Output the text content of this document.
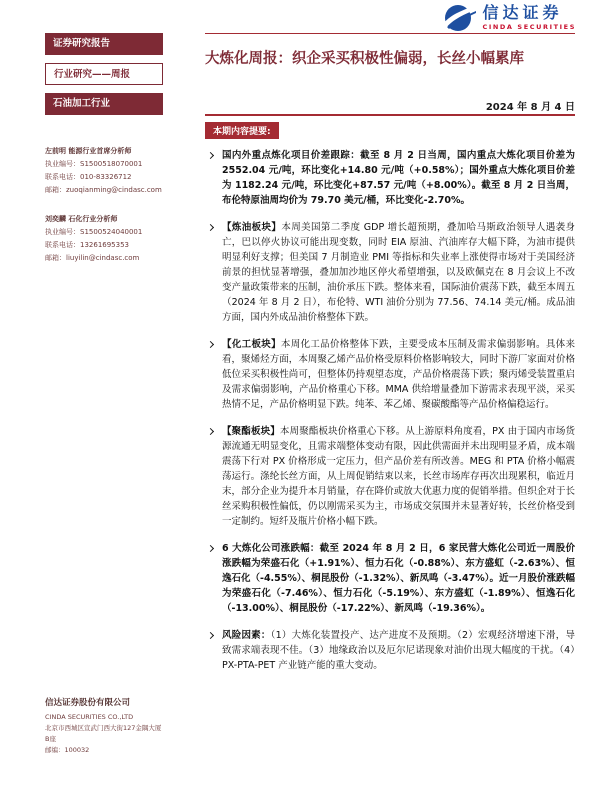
信达证券
CINDA SECURITIES
证券研究报告
行业研究——周报
石油加工行业
左前明 能源行业首席分析师
执业编号：S1500518070001
联系电话：010-83326712
邮箱：zuoqianming@cindasc.com
刘奕麟 石化行业分析师
执业编号：S1500524040001
联系电话：13261695353
邮箱：liuyilin@cindasc.com
信达证券股份有限公司
CINDA SECURITIES CO.,LTD
北京市西城区宣武门西大街127金隅大厦B座
邮编：100032
大炼化周报：织企采买积极性偏弱，长丝小幅累库
2024 年 8 月 4 日
本期内容提要:
国内外重点炼化项目价差跟踪：截至 8 月 2 日当周，国内重点大炼化项目价差为 2552.04 元/吨，环比变化+14.80 元/吨（+0.58%）；国外重点大炼化项目价差为 1182.24 元/吨，环比变化+87.57 元/吨（+8.00%）。截至 8 月 2 日当周，布伦特原油周均价为 79.70 美元/桶，环比变化-2.70%。
【炼油板块】本周美国第二季度 GDP 增长超预期，叠加哈马斯政治领导人遇袭身亡，巴以停火协议可能出现变数，同时 EIA 原油、汽油库存大幅下降，为油市提供明显利好支撑；但美国 7 月制造业 PMI 等指标和失业率上涨使得市场对于美国经济前景的担忧显著增强，叠加加沙地区停火希望增强，以及欧佩克在 8 月会议上不改变产量政策带来的压制，油价承压下跌。整体来看，国际油价震荡下跌，截至本周五（2024 年 8 月 2 日），布伦特、WTI 油价分别为 77.56、74.14 美元/桶。成品油方面，国内外成品油价格整体下跌。
【化工板块】本周化工品价格整体下跌，主要受成本压制及需求偏弱影响。具体来看，聚烯烃方面，本周聚乙烯产品价格受原料价格影响较大，同时下游厂家面对价格低位采买积极性尚可，但整体仍持观望态度，产品价格震荡下跌；聚丙烯受装置重启及需求偏弱影响，产品价格重心下移。MMA 供给增量叠加下游需求表现平淡，采买热情不足，产品价格明显下跌。纯苯、苯乙烯、聚碳酸酯等产品价格偏稳运行。
【聚酯板块】本周聚酯板块价格重心下移。从上游原料角度看，PX 由于国内市场货源流通无明显变化，且需求端整体变动有限，因此供需面并未出现明显矛盾，成本端震荡下行对 PX 价格形成一定压力，但产品价差有所改善。MEG 和 PTA 价格小幅震荡运行。涤纶长丝方面，从上周促销结束以来，长丝市场库存再次出现累积，临近月末，部分企业为提升本月销量，存在降价或放大优惠力度的促销举措。但织企对于长丝采购积极性偏低，仍以刚需采买为主，市场成交氛围并未显著好转，长丝价格受到一定制约。短纤及瓶片价格小幅下跌。
6 大炼化公司涨跌幅：截至 2024 年 8 月 2 日，6 家民营大炼化公司近一周股价涨跌幅为荣盛石化（+1.91%）、恒力石化（-0.88%）、东方盛虹（-2.63%）、恒逸石化（-4.55%）、桐昆股份（-1.32%）、新凤鸣（-3.47%）。近一月股价涨跌幅为荣盛石化（-7.46%）、恒力石化（-5.19%）、东方盛虹（-1.89%）、恒逸石化（-13.00%）、桐昆股份（-17.22%）、新凤鸣（-19.36%）。
风险因素：（1）大炼化装置投产、达产进度不及预期。（2）宏观经济增速下滑，导致需求端表现不佳。（3）地缘政治以及厄尔尼诺现象对油价出现大幅度的干扰。（4）PX-PTA-PET 产业链产能的重大变动。
